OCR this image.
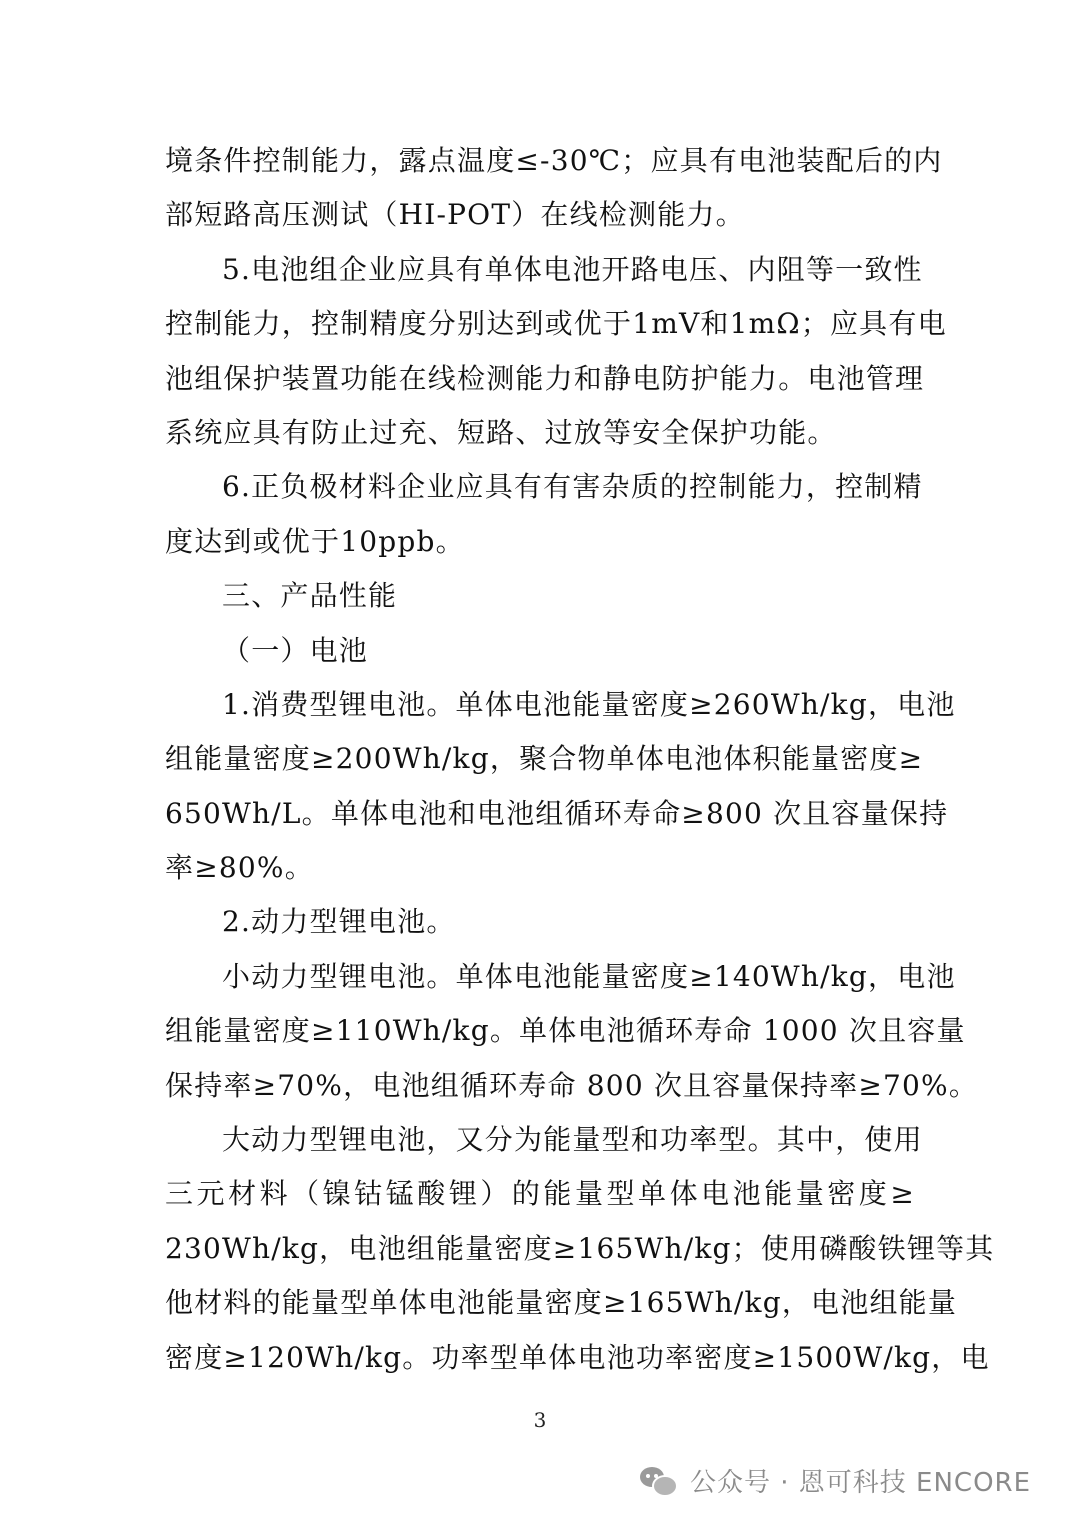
境条件控制能力，露点温度≤-30℃；应具有电池装配后的内
部短路高压测试（HI-POT）在线检测能力。
5.电池组企业应具有单体电池开路电压、内阻等一致性
控制能力，控制精度分别达到或优于1mV和1mΩ；应具有电
池组保护装置功能在线检测能力和静电防护能力。电池管理
系统应具有防止过充、短路、过放等安全保护功能。
6.正负极材料企业应具有有害杂质的控制能力，控制精
度达到或优于10ppb。
三、产品性能
（一）电池
1.消费型锂电池。单体电池能量密度≥260Wh/kg，电池
组能量密度≥200Wh/kg，聚合物单体电池体积能量密度≥
650Wh/L。单体电池和电池组循环寿命≥800 次且容量保持
率≥80%。
2.动力型锂电池。
小动力型锂电池。单体电池能量密度≥140Wh/kg，电池
组能量密度≥110Wh/kg。单体电池循环寿命 1000 次且容量
保持率≥70%，电池组循环寿命 800 次且容量保持率≥70%。
大动力型锂电池，又分为能量型和功率型。其中，使用
三元材料（镍钴锰酸锂）的能量型单体电池能量密度≥
230Wh/kg，电池组能量密度≥165Wh/kg；使用磷酸铁锂等其
他材料的能量型单体电池能量密度≥165Wh/kg，电池组能量
密度≥120Wh/kg。功率型单体电池功率密度≥1500W/kg，电
3
公众号 · 恩可科技 ENCORE
